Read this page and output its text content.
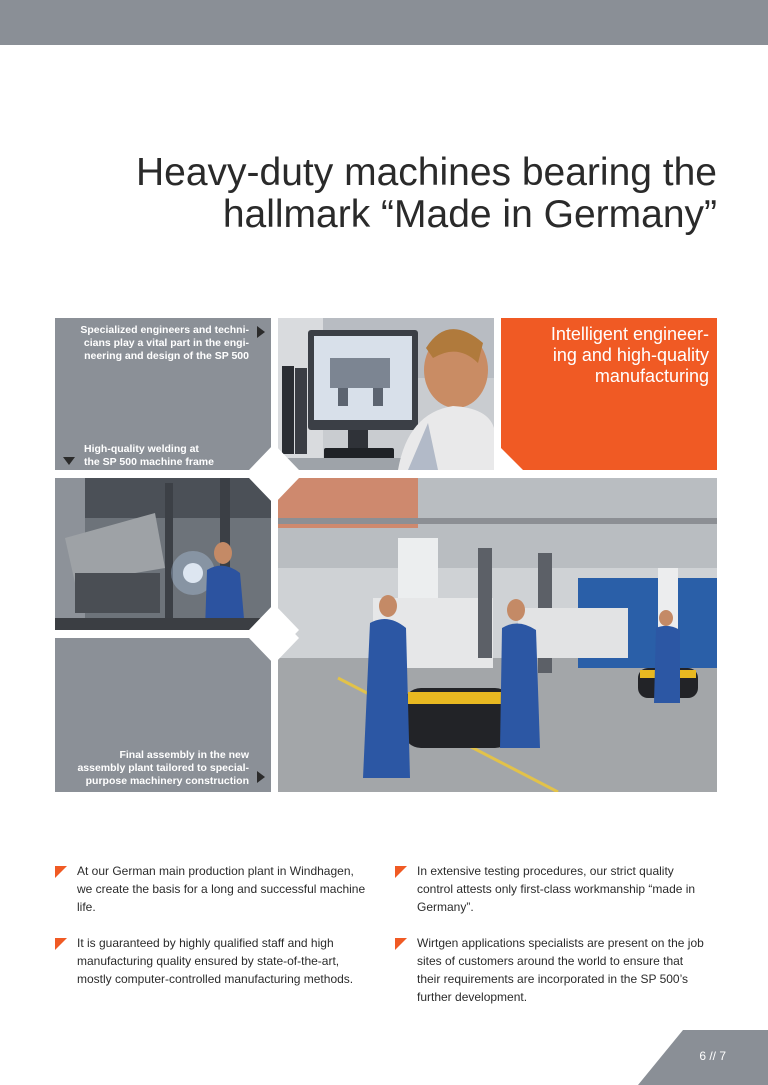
Heavy-duty machines bearing the
hallmark “Made in Germany”
Specialized engineers and techni-
cians play a vital part in the engi-
neering and design of the SP 500
High-quality welding at
the SP 500 machine frame
Intelligent engineer-
ing and high-quality
manufacturing
Final assembly in the new
assembly plant tailored to special-
purpose machinery construction
At our German main production plant in Windhagen,
we create the basis for a long and successful machine
life.
It is guaranteed by highly qualified staff and high
manufacturing quality ensured by state-of-the-art,
mostly computer-controlled manufacturing methods.
In extensive testing procedures, our strict quality
control attests only first-class workmanship “made in
Germany”.
Wirtgen applications specialists are present on the job
sites of customers around the world to ensure that
their requirements are incorporated in the SP 500’s
further development.
6 // 7
